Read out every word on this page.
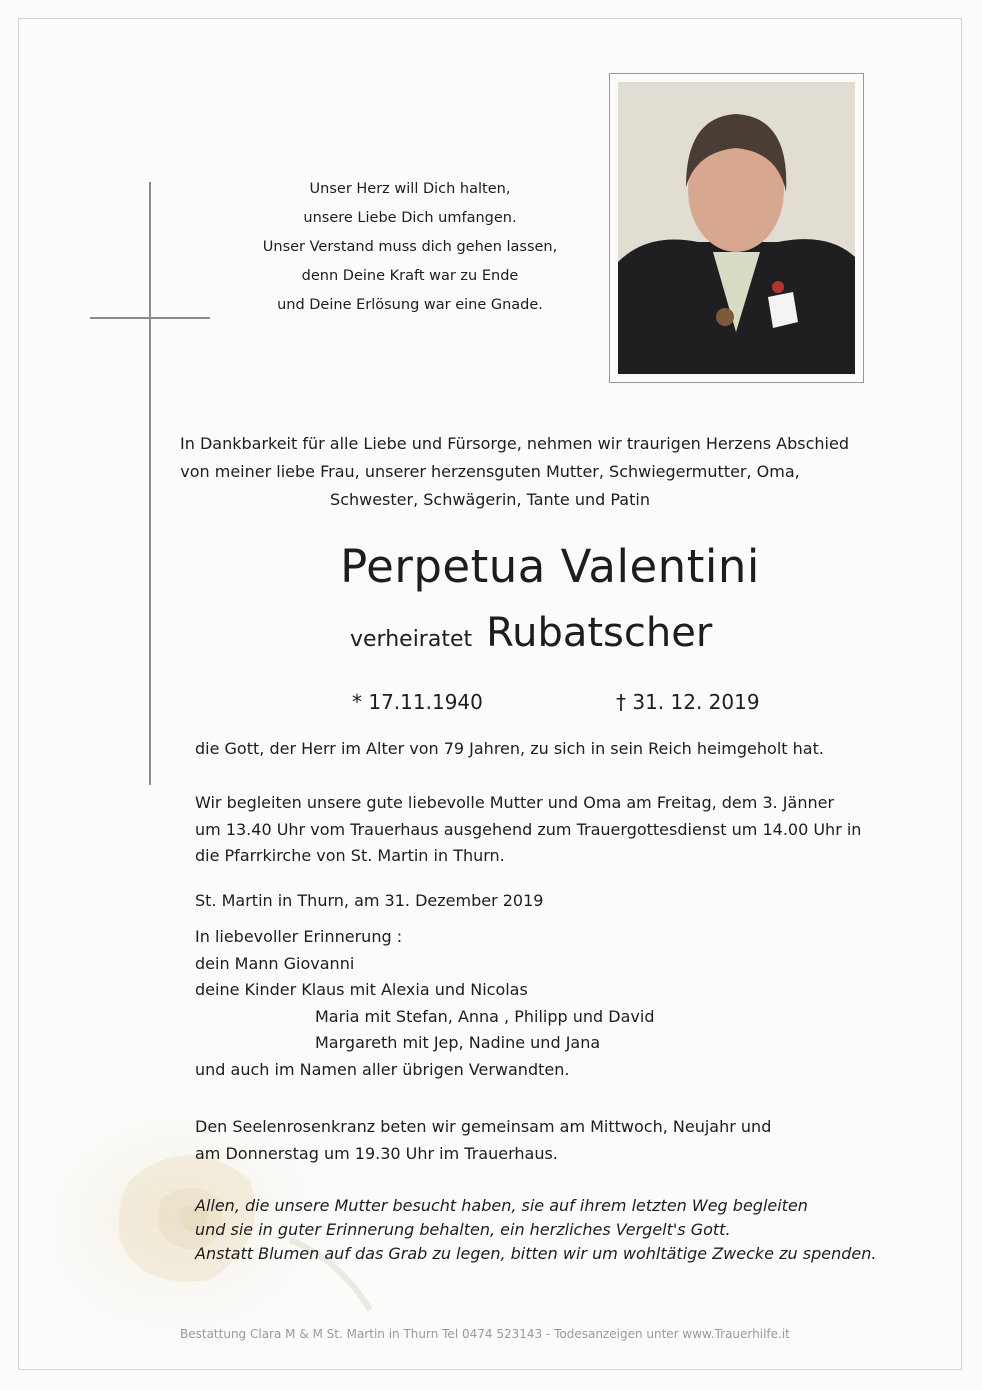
Unser Herz will Dich halten,
unsere Liebe Dich umfangen.
Unser Verstand muss dich gehen lassen,
denn Deine Kraft war zu Ende
und Deine Erlösung war eine Gnade.
In Dankbarkeit für alle Liebe und Fürsorge, nehmen wir traurigen Herzens Abschied
von meiner liebe Frau, unserer herzensguten Mutter, Schwiegermutter, Oma,
Schwester, Schwägerin, Tante und Patin
Perpetua Valentini
verheiratet Rubatscher
* 17.11.1940	† 31. 12. 2019
die Gott, der Herr im Alter von 79 Jahren, zu sich in sein Reich heimgeholt hat.
Wir begleiten unsere gute liebevolle Mutter und Oma am Freitag, dem 3. Jänner
um 13.40 Uhr vom Trauerhaus ausgehend zum Trauergottesdienst um 14.00 Uhr in
die Pfarrkirche von St. Martin in Thurn.
St. Martin in Thurn, am 31. Dezember 2019
In liebevoller Erinnerung :
dein Mann Giovanni
deine Kinder Klaus mit Alexia und Nicolas
Maria mit Stefan, Anna , Philipp und David
Margareth mit Jep, Nadine und Jana
und auch im Namen aller übrigen Verwandten.
Den Seelenrosenkranz beten wir gemeinsam am Mittwoch, Neujahr und
am Donnerstag um 19.30 Uhr im Trauerhaus.
Allen, die unsere Mutter besucht haben, sie auf ihrem letzten Weg begleiten
und sie in guter Erinnerung behalten, ein herzliches Vergelt's Gott.
Anstatt Blumen auf das Grab zu legen, bitten wir um wohltätige Zwecke zu spenden.
Bestattung Clara M & M St. Martin in Thurn Tel 0474 523143 - Todesanzeigen unter www.Trauerhilfe.it
